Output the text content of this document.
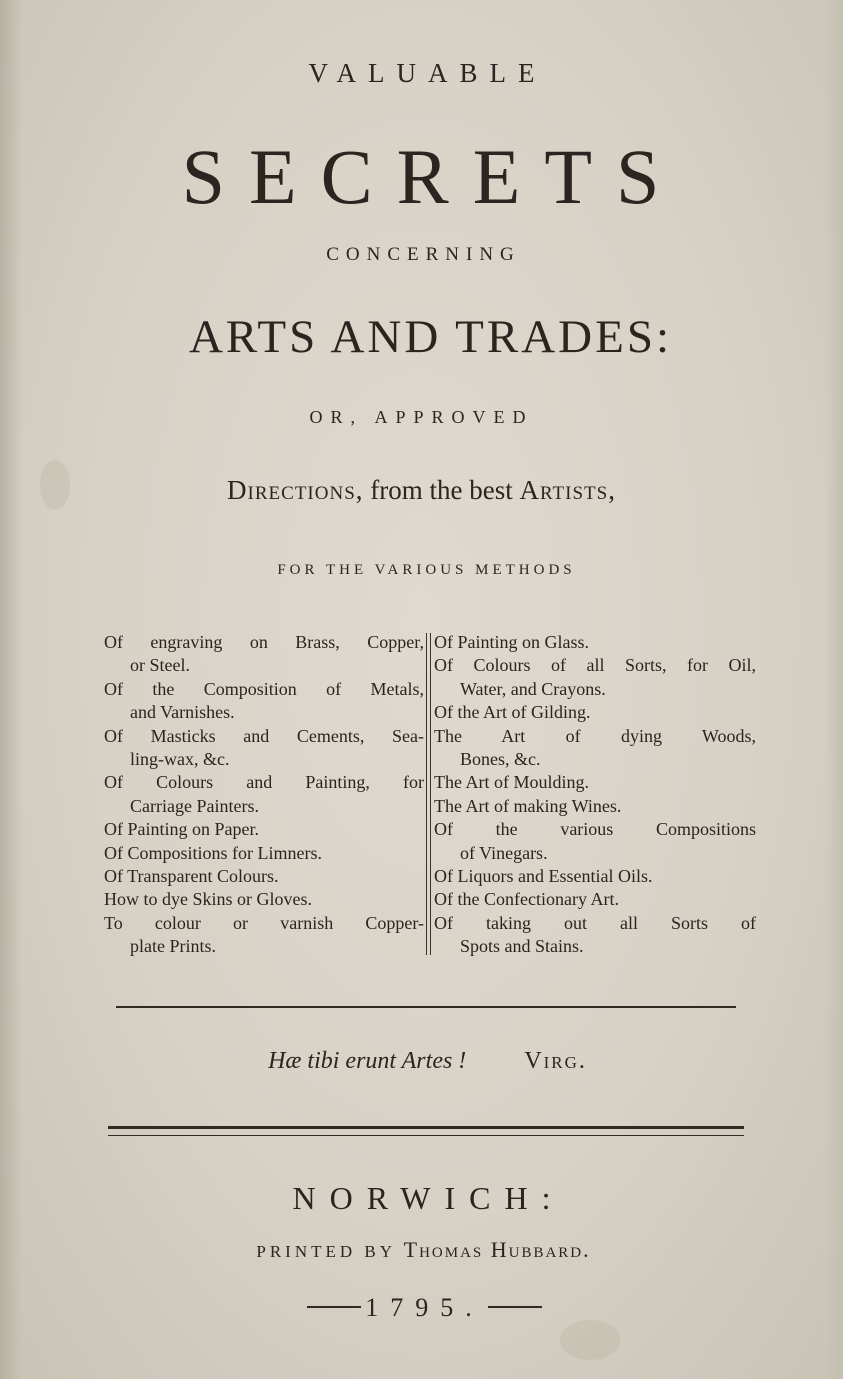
VALUABLE
SECRETS
CONCERNING
ARTS AND TRADES:
OR, APPROVED
Directions, from the best Artists,
FOR THE VARIOUS METHODS
Of engraving on Brass, Copper,
or Steel.
Of the Composition of Metals,
and Varnishes.
Of Masticks and Cements, Sea-
ling-wax, &c.
Of Colours and Painting, for
Carriage Painters.
Of Painting on Paper.
Of Compositions for Limners.
Of Transparent Colours.
How to dye Skins or Gloves.
To colour or varnish Copper-
plate Prints.
Of Painting on Glass.
Of Colours of all Sorts, for Oil,
Water, and Crayons.
Of the Art of Gilding.
The Art of dying Woods,
Bones, &c.
The Art of Moulding.
The Art of making Wines.
Of the various Compositions
of Vinegars.
Of Liquors and Essential Oils.
Of the Confectionary Art.
Of taking out all Sorts of
Spots and Stains.
Hæ tibi erunt Artes ! Virg.
NORWICH:
PRINTED BY Thomas Hubbard.
1795.
